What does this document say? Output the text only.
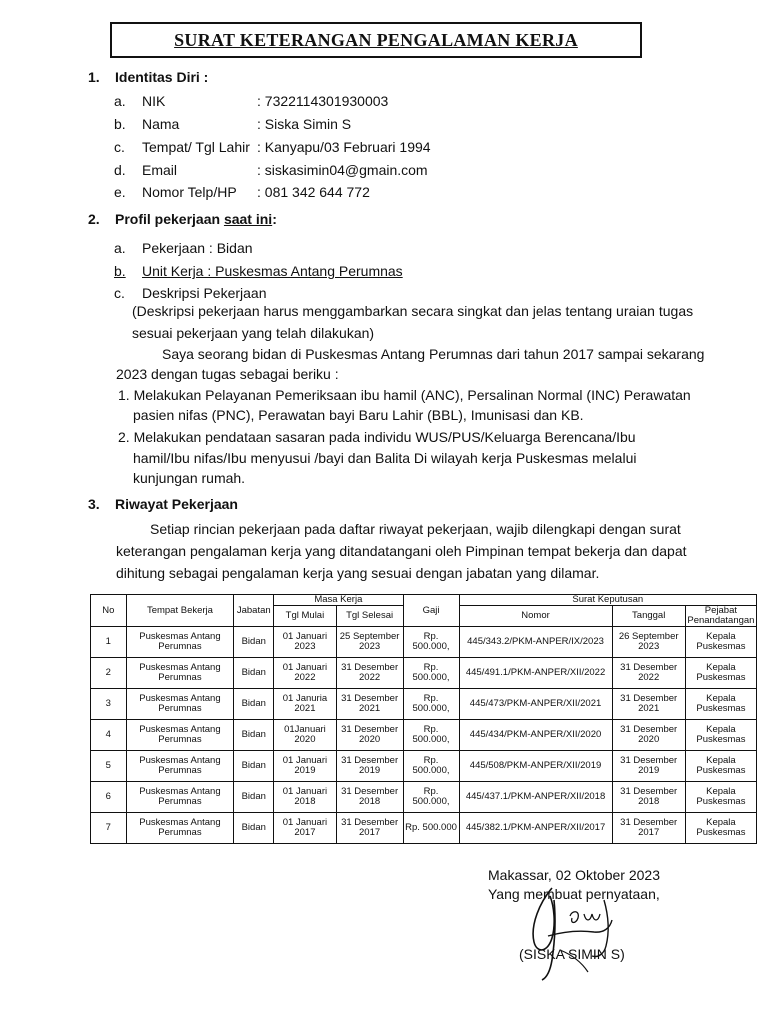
SURAT KETERANGAN PENGALAMAN KERJA
1. Identitas Diri :
a. NIK	: 7322114301930003
b. Nama	: Siska Simin S
c. Tempat/ Tgl Lahir : Kanyapu/03 Februari 1994
d. Email	: siskasimin04@gmain.com
e. Nomor Telp/HP : 081 342 644 772
2. Profil pekerjaan saat ini:
a. Pekerjaan : Bidan
b. Unit Kerja : Puskesmas Antang Perumnas
c. Deskripsi Pekerjaan
(Deskripsi pekerjaan harus menggambarkan secara singkat dan jelas tentang uraian tugas
sesuai pekerjaan yang telah dilakukan)
Saya seorang bidan di Puskesmas Antang Perumnas dari tahun 2017 sampai sekarang
2023 dengan tugas sebagai beriku :
1. Melakukan Pelayanan Pemeriksaan ibu hamil (ANC), Persalinan Normal (INC) Perawatan
pasien nifas (PNC), Perawatan bayi Baru Lahir (BBL), Imunisasi dan KB.
2. Melakukan pendataan sasaran pada individu WUS/PUS/Keluarga Berencana/Ibu
hamil/Ibu nifas/Ibu menyusui /bayi dan Balita Di wilayah kerja Puskesmas melalui
kunjungan rumah.
3. Riwayat Pekerjaan
Setiap rincian pekerjaan pada daftar riwayat pekerjaan, wajib dilengkapi dengan surat
keterangan pengalaman kerja yang ditandatangani oleh Pimpinan tempat bekerja dan dapat
dihitung sebagai pengalaman kerja yang sesuai dengan jabatan yang dilamar.
No	Tempat Bekerja	Jabatan	Masa Kerja		Gaji	Surat Keputusan		
			Tgl Mulai	Tgl Selesai		Nomor	Tanggal	Pejabat Penandatangan
1	Puskesmas Antang Perumnas	Bidan	01 Januari 2023	25 September 2023	Rp. 500.000,	445/343.2/PKM-ANPER/IX/2023	26 September 2023	Kepala Puskesmas
2	Puskesmas Antang Perumnas	Bidan	01 Januari 2022	31 Desember 2022	Rp. 500.000,	445/491.1/PKM-ANPER/XII/2022	31 Desember 2022	Kepala Puskesmas
3	Puskesmas Antang Perumnas	Bidan	01 Januria 2021	31 Desember 2021	Rp. 500.000,	445/473/PKM-ANPER/XII/2021	31 Desember 2021	Kepala Puskesmas
4	Puskesmas Antang Perumnas	Bidan	01Januari 2020	31 Desember 2020	Rp. 500.000,	445/434/PKM-ANPER/XII/2020	31 Desember 2020	Kepala Puskesmas
5	Puskesmas Antang Perumnas	Bidan	01 Januari 2019	31 Desember 2019	Rp. 500.000,	445/508/PKM-ANPER/XII/2019	31 Desember 2019	Kepala Puskesmas
6	Puskesmas Antang Perumnas	Bidan	01 Januari 2018	31 Desember 2018	Rp. 500.000,	445/437.1/PKM-ANPER/XII/2018	31 Desember 2018	Kepala Puskesmas
7	Puskesmas Antang Perumnas	Bidan	01 Januari 2017	31 Desember 2017	Rp. 500.000	445/382.1/PKM-ANPER/XII/2017	31 Desember 2017	Kepala Puskesmas
Makassar, 02 Oktober 2023
Yang membuat pernyataan,
(SISKA SIMIN S)
